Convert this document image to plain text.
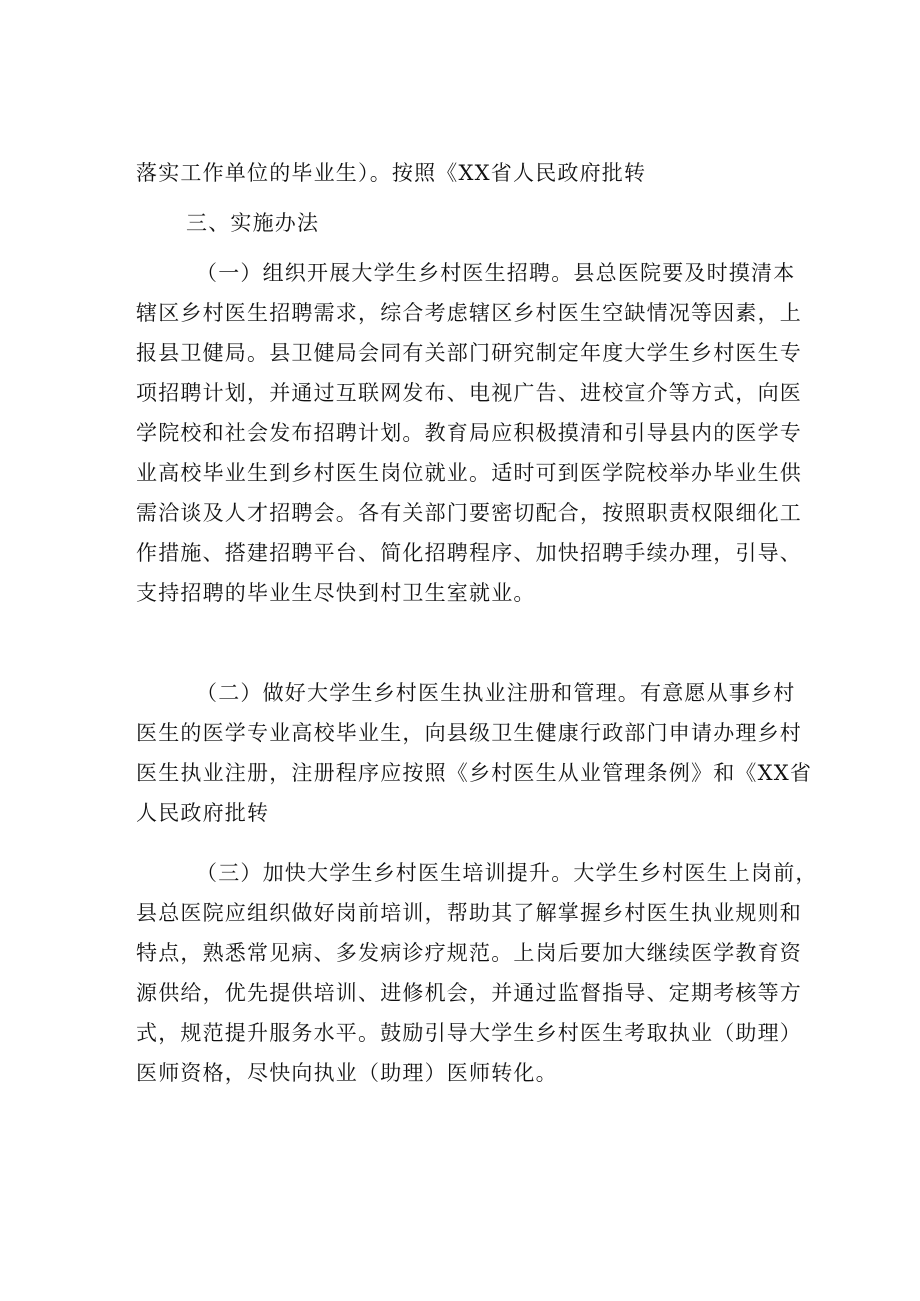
落实工作单位的毕业生）。按照《XX省人民政府批转
三、实施办法
（一）组织开展大学生乡村医生招聘。县总医院要及时摸清本
辖区乡村医生招聘需求，综合考虑辖区乡村医生空缺情况等因素，上
报县卫健局。县卫健局会同有关部门研究制定年度大学生乡村医生专
项招聘计划，并通过互联网发布、电视广告、进校宣介等方式，向医
学院校和社会发布招聘计划。教育局应积极摸清和引导县内的医学专
业高校毕业生到乡村医生岗位就业。适时可到医学院校举办毕业生供
需洽谈及人才招聘会。各有关部门要密切配合，按照职责权限细化工
作措施、搭建招聘平台、简化招聘程序、加快招聘手续办理，引导、
支持招聘的毕业生尽快到村卫生室就业。
（二）做好大学生乡村医生执业注册和管理。有意愿从事乡村
医生的医学专业高校毕业生，向县级卫生健康行政部门申请办理乡村
医生执业注册，注册程序应按照《乡村医生从业管理条例》和《XX省
人民政府批转
（三）加快大学生乡村医生培训提升。大学生乡村医生上岗前，
县总医院应组织做好岗前培训，帮助其了解掌握乡村医生执业规则和
特点，熟悉常见病、多发病诊疗规范。上岗后要加大继续医学教育资
源供给，优先提供培训、进修机会，并通过监督指导、定期考核等方
式，规范提升服务水平。鼓励引导大学生乡村医生考取执业（助理）
医师资格，尽快向执业（助理）医师转化。
